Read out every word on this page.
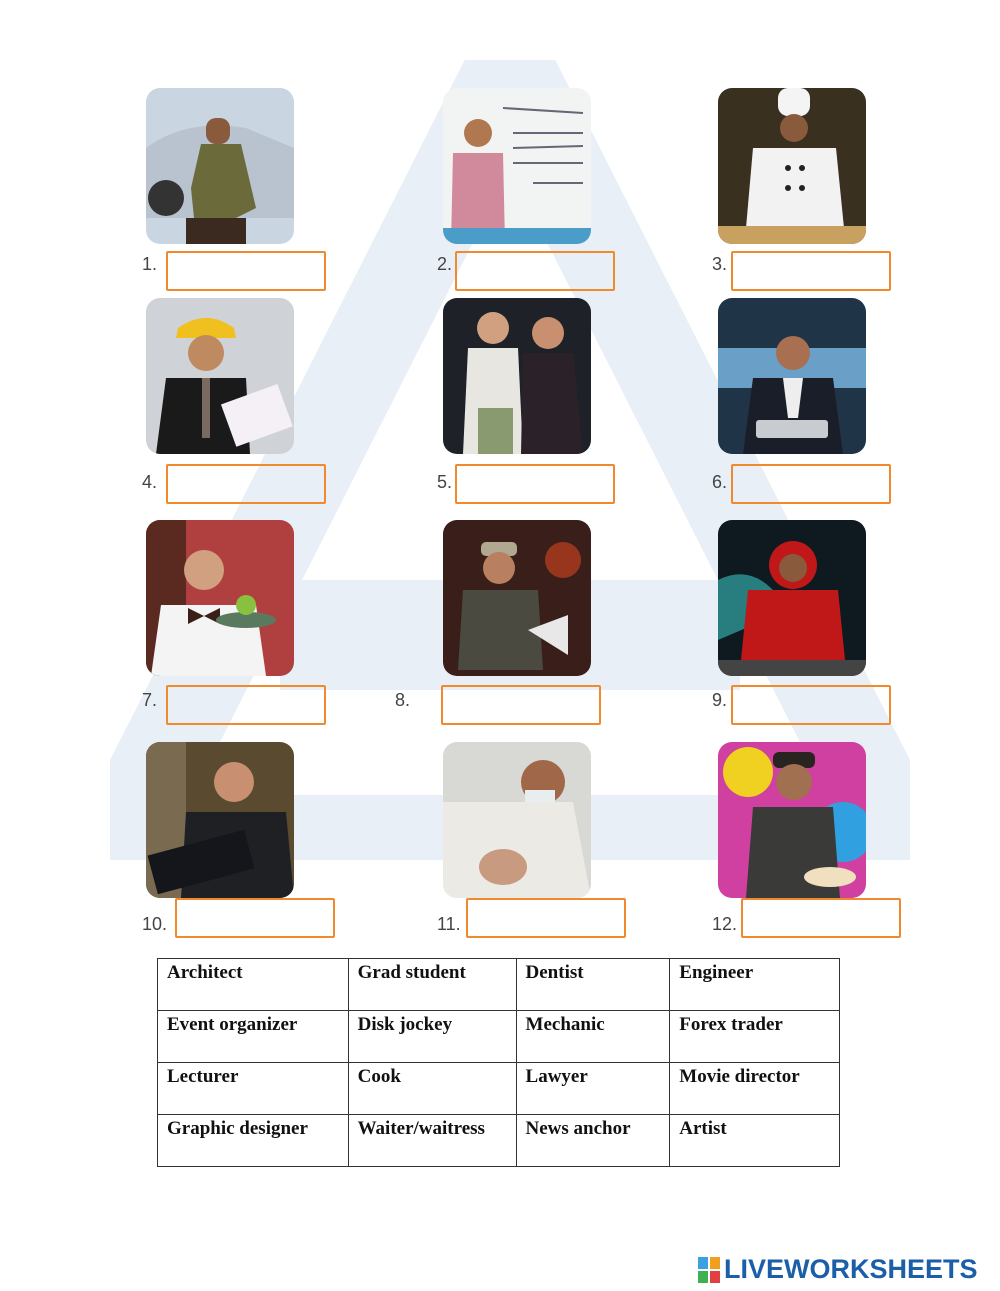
1.	2.	3.
4.	5.	6.
7.	8.	9.
10.	11.	12.
Architect	Grad student	Dentist	Engineer
Event organizer	Disk jockey	Mechanic	Forex trader
Lecturer	Cook	Lawyer	Movie director
Graphic designer	Waiter/waitress	News anchor	Artist
LIVEWORKSHEETS
